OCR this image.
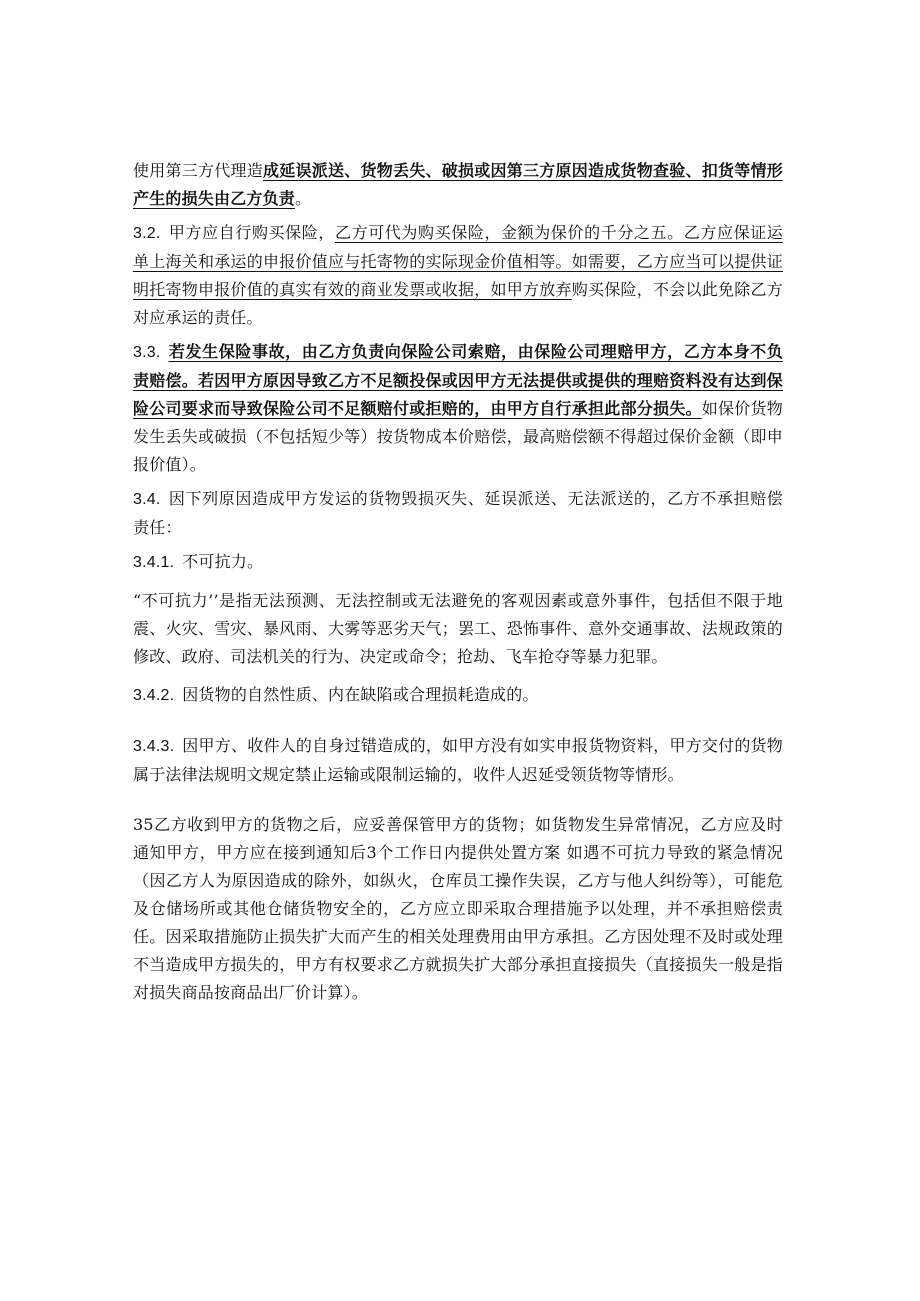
使用第三方代理造成延误派送、货物丢失、破损或因第三方原因造成货物查验、扣货等情形产生的损失由乙方负责。

3.2. 甲方应自行购买保险，乙方可代为购买保险，金额为保价的千分之五。乙方应保证运单上海关和承运的申报价值应与托寄物的实际现金价值相等。如需要，乙方应当可以提供证明托寄物申报价值的真实有效的商业发票或收据，如甲方放弃购买保险，不会以此免除乙方对应承运的责任。

3.3. 若发生保险事故，由乙方负责向保险公司索赔，由保险公司理赔甲方，乙方本身不负责赔偿。若因甲方原因导致乙方不足额投保或因甲方无法提供或提供的理赔资料没有达到保险公司要求而导致保险公司不足额赔付或拒赔的，由甲方自行承担此部分损失。如保价货物发生丢失或破损（不包括短少等）按货物成本价赔偿，最高赔偿额不得超过保价金额（即申报价值）。

3.4. 因下列原因造成甲方发运的货物毁损灭失、延误派送、无法派送的，乙方不承担赔偿责任：

3.4.1. 不可抗力。

“不可抗力’’是指无法预测、无法控制或无法避免的客观因素或意外事件，包括但不限于地震、火灾、雪灾、暴风雨、大雾等恶劣天气；罢工、恐怖事件、意外交通事故、法规政策的修改、政府、司法机关的行为、决定或命令；抢劫、飞车抢夺等暴力犯罪。

3.4.2. 因货物的自然性质、内在缺陷或合理损耗造成的。

3.4.3. 因甲方、收件人的自身过错造成的，如甲方没有如实申报货物资料，甲方交付的货物属于法律法规明文规定禁止运输或限制运输的，收件人迟延受领货物等情形。

35乙方收到甲方的货物之后，应妥善保管甲方的货物；如货物发生异常情况，乙方应及时通知甲方，甲方应在接到通知后3个工作日内提供处置方案 如遇不可抗力导致的紧急情况（因乙方人为原因造成的除外，如纵火，仓库员工操作失误，乙方与他人纠纷等），可能危及仓储场所或其他仓储货物安全的，乙方应立即采取合理措施予以处理，并不承担赔偿责任。因采取措施防止损失扩大而产生的相关处理费用由甲方承担。乙方因处理不及时或处理不当造成甲方损失的，甲方有权要求乙方就损失扩大部分承担直接损失（直接损失一般是指对损失商品按商品出厂价计算）。
